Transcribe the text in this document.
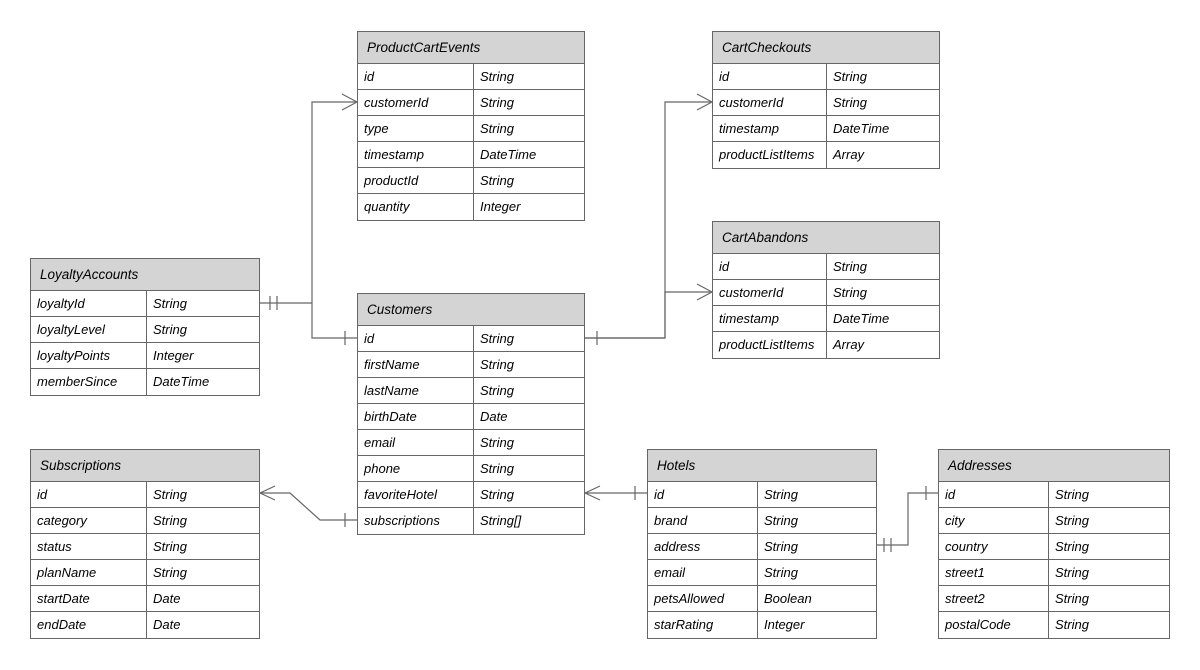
ProductCartEvents
id	String
customerId	String
type	String
timestamp	DateTime
productId	String
quantity	Integer
CartCheckouts
id	String
customerId	String
timestamp	DateTime
productListItems	Array
CartAbandons
id	String
customerId	String
timestamp	DateTime
productListItems	Array
LoyaltyAccounts
loyaltyId	String
loyaltyLevel	String
loyaltyPoints	Integer
memberSince	DateTime
Customers
id	String
firstName	String
lastName	String
birthDate	Date
email	String
phone	String
favoriteHotel	String
subscriptions	String[]
Subscriptions
id	String
category	String
status	String
planName	String
startDate	Date
endDate	Date
Hotels
id	String
brand	String
address	String
email	String
petsAllowed	Boolean
starRating	Integer
Addresses
id	String
city	String
country	String
street1	String
street2	String
postalCode	String
